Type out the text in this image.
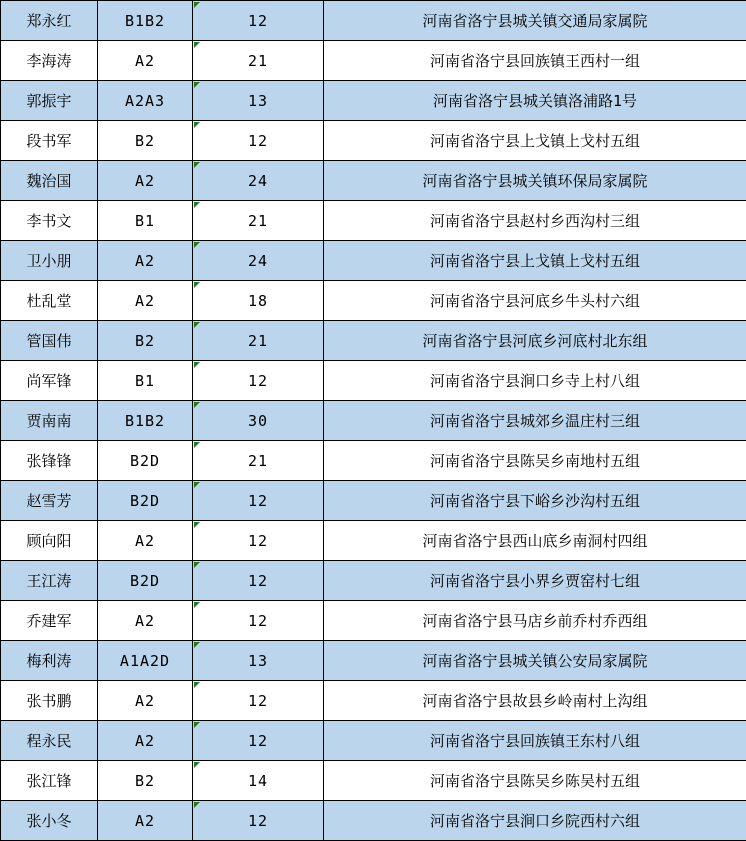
郑永红	B1B2	12	河南省洛宁县城关镇交通局家属院
李海涛	A2	21	河南省洛宁县回族镇王西村一组
郭振宇	A2A3	13	河南省洛宁县城关镇洛浦路1号
段书军	B2	12	河南省洛宁县上戈镇上戈村五组
魏治国	A2	24	河南省洛宁县城关镇环保局家属院
李书文	B1	21	河南省洛宁县赵村乡西沟村三组
卫小朋	A2	24	河南省洛宁县上戈镇上戈村五组
杜乱堂	A2	18	河南省洛宁县河底乡牛头村六组
管国伟	B2	21	河南省洛宁县河底乡河底村北东组
尚军锋	B1	12	河南省洛宁县涧口乡寺上村八组
贾南南	B1B2	30	河南省洛宁县城郊乡温庄村三组
张锋锋	B2D	21	河南省洛宁县陈吴乡南地村五组
赵雪芳	B2D	12	河南省洛宁县下峪乡沙沟村五组
顾向阳	A2	12	河南省洛宁县西山底乡南洞村四组
王江涛	B2D	12	河南省洛宁县小界乡贾窑村七组
乔建军	A2	12	河南省洛宁县马店乡前乔村乔西组
梅利涛	A1A2D	13	河南省洛宁县城关镇公安局家属院
张书鹏	A2	12	河南省洛宁县故县乡岭南村上沟组
程永民	A2	12	河南省洛宁县回族镇王东村八组
张江锋	B2	14	河南省洛宁县陈吴乡陈吴村五组
张小冬	A2	12	河南省洛宁县涧口乡院西村六组
